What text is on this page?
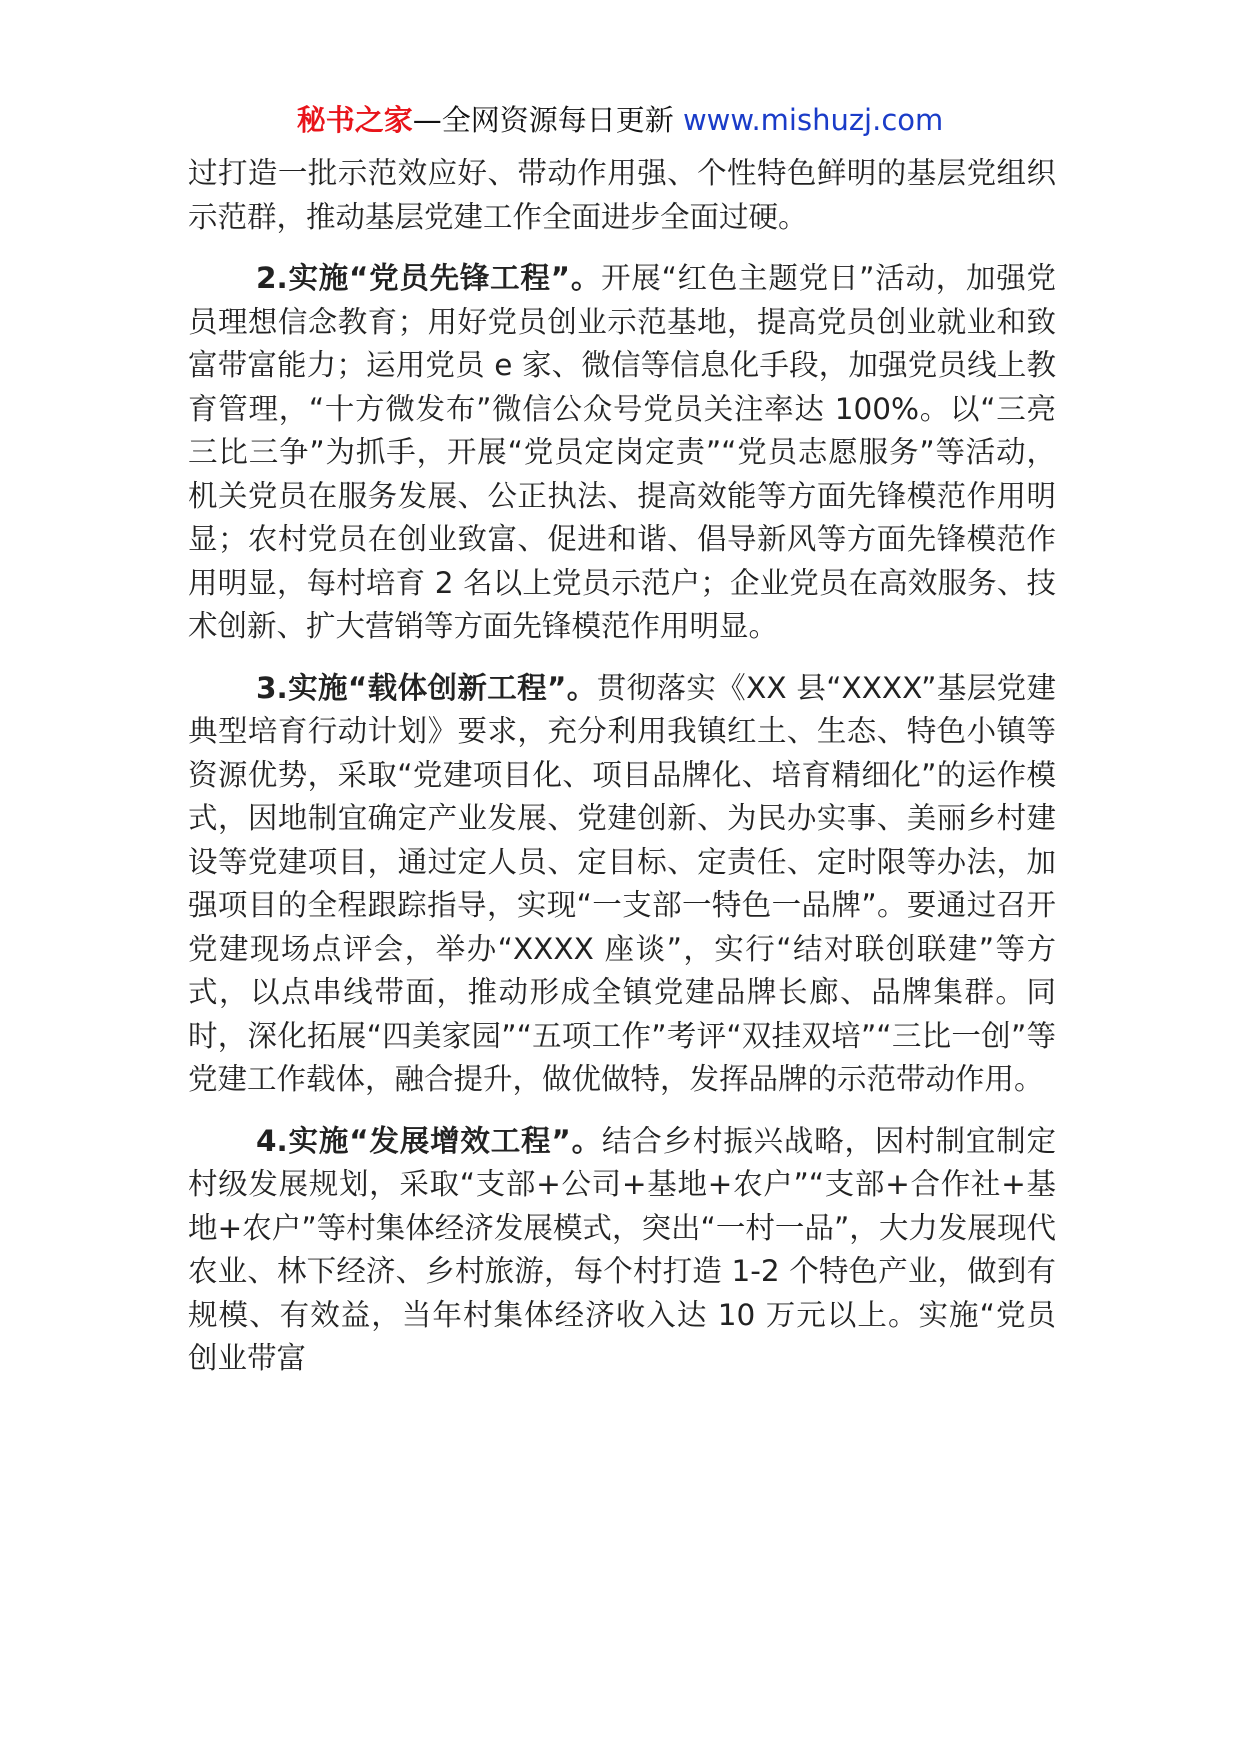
秘书之家—全网资源每日更新 www.mishuzj.com

过打造一批示范效应好、带动作用强、个性特色鲜明的基层党组织示范群，推动基层党建工作全面进步全面过硬。

2.实施“党员先锋工程”。开展“红色主题党日”活动，加强党员理想信念教育；用好党员创业示范基地，提高党员创业就业和致富带富能力；运用党员 e 家、微信等信息化手段，加强党员线上教育管理，“十方微发布”微信公众号党员关注率达 100%。以“三亮三比三争”为抓手，开展“党员定岗定责”“党员志愿服务”等活动，机关党员在服务发展、公正执法、提高效能等方面先锋模范作用明显；农村党员在创业致富、促进和谐、倡导新风等方面先锋模范作用明显，每村培育 2 名以上党员示范户；企业党员在高效服务、技术创新、扩大营销等方面先锋模范作用明显。

3.实施“载体创新工程”。贯彻落实《XX 县“XXXX”基层党建典型培育行动计划》要求，充分利用我镇红土、生态、特色小镇等资源优势，采取“党建项目化、项目品牌化、培育精细化”的运作模式，因地制宜确定产业发展、党建创新、为民办实事、美丽乡村建设等党建项目，通过定人员、定目标、定责任、定时限等办法，加强项目的全程跟踪指导，实现“一支部一特色一品牌”。要通过召开党建现场点评会，举办“XXXX 座谈”，实行“结对联创联建”等方式，以点串线带面，推动形成全镇党建品牌长廊、品牌集群。同时，深化拓展“四美家园”“五项工作”考评“双挂双培”“三比一创”等党建工作载体，融合提升，做优做特，发挥品牌的示范带动作用。

4.实施“发展增效工程”。结合乡村振兴战略，因村制宜制定村级发展规划，采取“支部+公司+基地+农户”“支部+合作社+基地+农户”等村集体经济发展模式，突出“一村一品”，大力发展现代农业、林下经济、乡村旅游，每个村打造 1-2 个特色产业，做到有规模、有效益，当年村集体经济收入达 10 万元以上。实施“党员创业带富
